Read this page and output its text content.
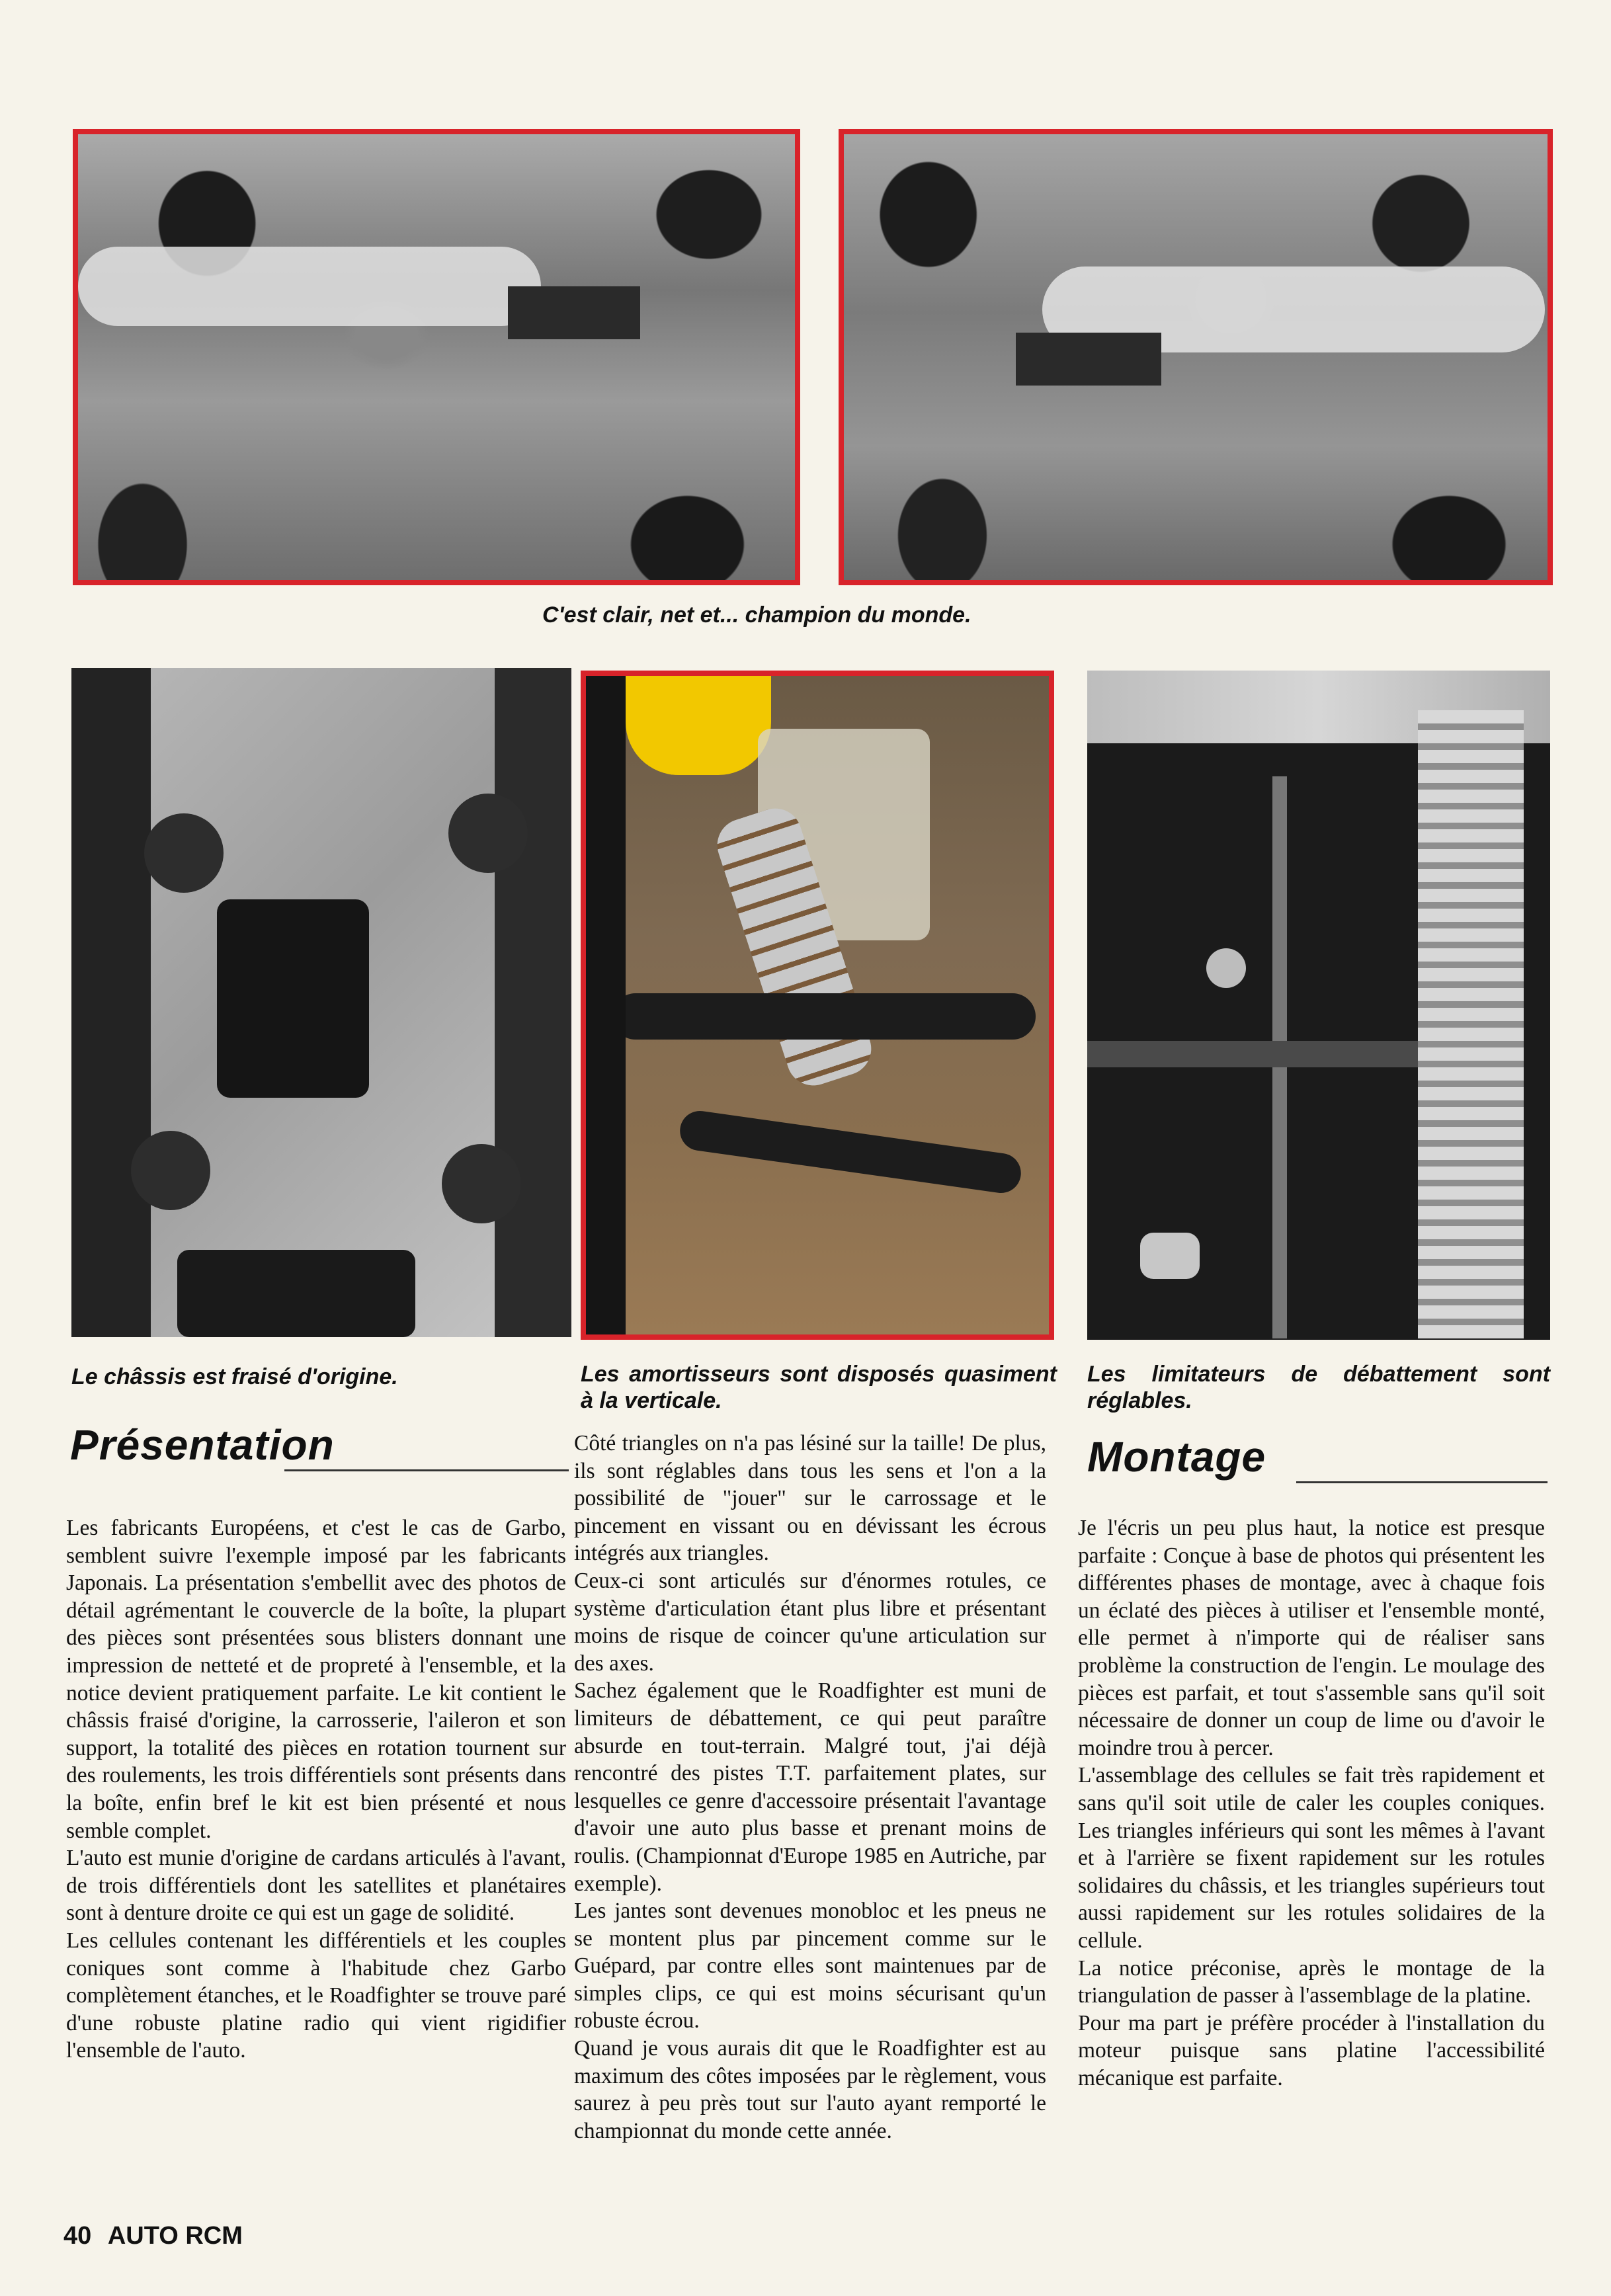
C'est clair, net et... champion du monde.
Le châssis est fraisé d'origine.	Les amortisseurs sont disposés quasiment à la verticale.
Les limitateurs de débattement sont réglables.
Présentation	Montage

Les fabricants Européens, et c'est le cas de Garbo, semblent suivre l'exemple imposé par les fabricants Japonais. La présentation s'embellit avec des photos de détail agrémentant le couvercle de la boîte, la plupart des pièces sont présentées sous blisters donnant une impression de netteté et de propreté à l'ensemble, et la notice devient pratiquement parfaite. Le kit contient le châssis fraisé d'origine, la carrosserie, l'aileron et son support, la totalité des pièces en rotation tournent sur des roulements, les trois différentiels sont présents dans la boîte, enfin bref le kit est bien présenté et nous semble complet.

L'auto est munie d'origine de cardans articulés à l'avant, de trois différentiels dont les satellites et planétaires sont à denture droite ce qui est un gage de solidité.

Les cellules contenant les différentiels et les couples coniques sont comme à l'habitude chez Garbo complètement étanches, et le Roadfighter se trouve paré d'une robuste platine radio qui vient rigidifier l'ensemble de l'auto.

Côté triangles on n'a pas lésiné sur la taille! De plus, ils sont réglables dans tous les sens et l'on a la possibilité de "jouer" sur le carrossage et le pincement en vissant ou en dévissant les écrous intégrés aux triangles.

Ceux-ci sont articulés sur d'énormes rotules, ce système d'articulation étant plus libre et présentant moins de risque de coincer qu'une articulation sur des axes.

Sachez également que le Roadfighter est muni de limiteurs de débattement, ce qui peut paraître absurde en tout-terrain. Malgré tout, j'ai déjà rencontré des pistes T.T. parfaitement plates, sur lesquelles ce genre d'accessoire présentait l'avantage d'avoir une auto plus basse et prenant moins de roulis. (Championnat d'Europe 1985 en Autriche, par exemple).

Les jantes sont devenues monobloc et les pneus ne se montent plus par pincement comme sur le Guépard, par contre elles sont maintenues par de simples clips, ce qui est moins sécurisant qu'un robuste écrou.

Quand je vous aurais dit que le Roadfighter est au maximum des côtes imposées par le règlement, vous saurez à peu près tout sur l'auto ayant remporté le championnat du monde cette année.

Je l'écris un peu plus haut, la notice est presque parfaite : Conçue à base de photos qui présentent les différentes phases de montage, avec à chaque fois un éclaté des pièces à utiliser et l'ensemble monté, elle permet à n'importe qui de réaliser sans problème la construction de l'engin. Le moulage des pièces est parfait, et tout s'assemble sans qu'il soit nécessaire de donner un coup de lime ou d'avoir le moindre trou à percer.

L'assemblage des cellules se fait très rapidement et sans qu'il soit utile de caler les couples coniques. Les triangles inférieurs qui sont les mêmes à l'avant et à l'arrière se fixent rapidement sur les rotules solidaires du châssis, et les triangles supérieurs tout aussi rapidement sur les rotules solidaires de la cellule.

La notice préconise, après le montage de la triangulation de passer à l'assemblage de la platine.

Pour ma part je préfère procéder à l'installation du moteur puisque sans platine l'accessibilité mécanique est parfaite.

40 AUTO RCM
